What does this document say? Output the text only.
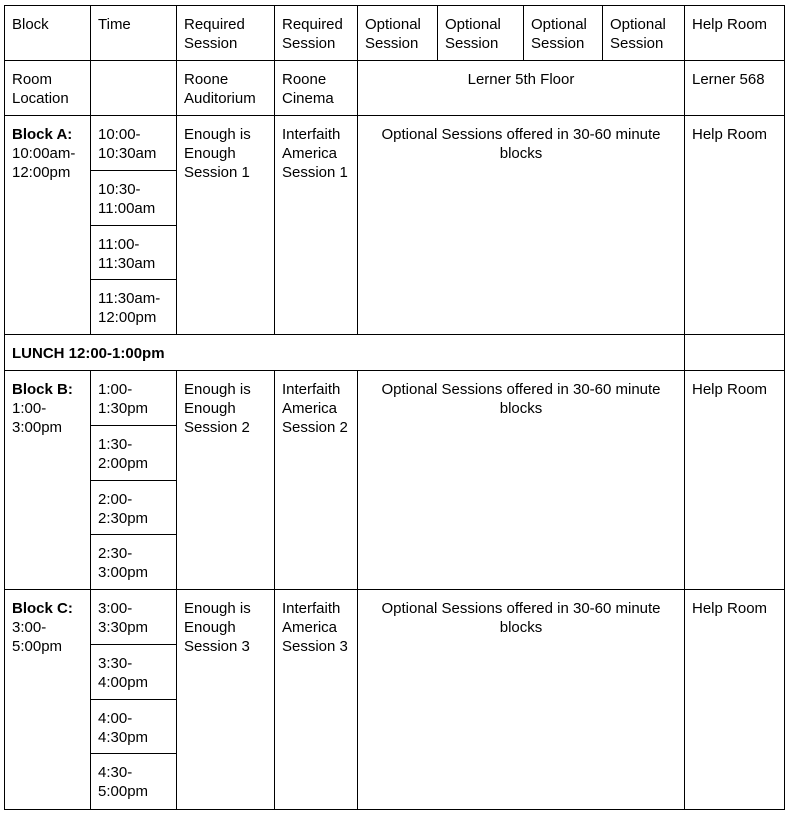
Block	Time	Required Session	Required Session	Optional Session	Optional Session	Optional Session	Optional Session	Help Room
Room Location		Roone Auditorium	Roone Cinema	Lerner 5th Floor				Lerner 568
Block A:
10:00am-12:00pm	10:00-10:30am	Enough is Enough Session 1	Interfaith America Session 1	Optional Sessions offered in 30-60 minute blocks				Help Room
	10:30-11:00am							
	11:00-11:30am							
	11:30am-12:00pm							
LUNCH 12:00-1:00pm								
Block B:
1:00-3:00pm	1:00-1:30pm	Enough is Enough Session 2	Interfaith America Session 2	Optional Sessions offered in 30-60 minute blocks				Help Room
	1:30-2:00pm							
	2:00-2:30pm							
	2:30-3:00pm							
Block C:
3:00-5:00pm	3:00-3:30pm	Enough is Enough Session 3	Interfaith America Session 3	Optional Sessions offered in 30-60 minute blocks				Help Room
	3:30-4:00pm							
	4:00-4:30pm							
	4:30-5:00pm							
